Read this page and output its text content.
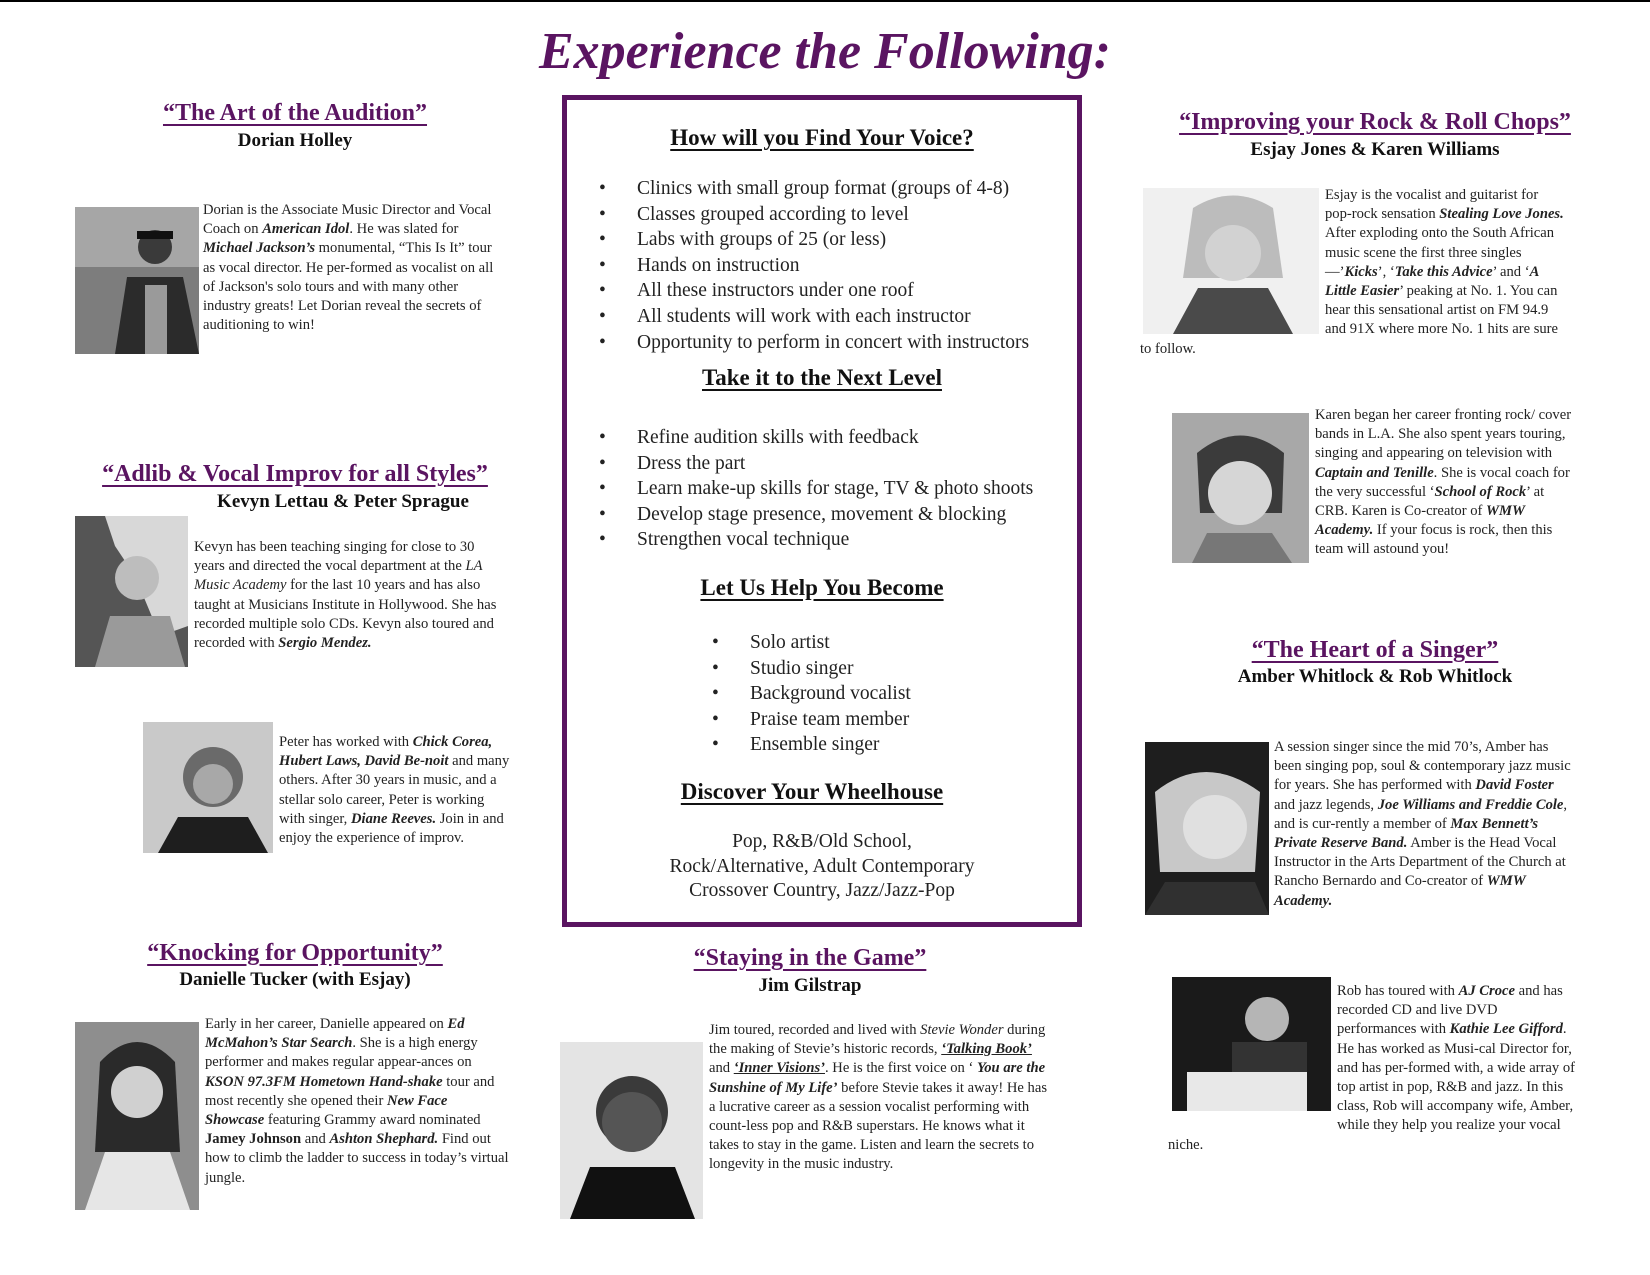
Experience the Following:
“The Art of the Audition”
Dorian Holley

Dorian is the Associate Music Director and Vocal Coach on American Idol. He was slated for Michael Jackson’s monumental, “This Is It” tour as vocal director. He per-formed as vocalist on all of Jackson's solo tours and with many other industry greats! Let Dorian reveal the secrets of auditioning to win!

“Adlib & Vocal Improv for all Styles”
Kevyn Lettau & Peter Sprague

Kevyn has been teaching singing for close to 30 years and directed the vocal department at the LA Music Academy for the last 10 years and has also taught at Musicians Institute in Hollywood. She has recorded multiple solo CDs. Kevyn also toured and recorded with Sergio Mendez.

Peter has worked with Chick Corea, Hubert Laws, David Be-noit and many others. After 30 years in music, and a stellar solo career, Peter is working with singer, Diane Reeves. Join in and enjoy the experience of improv.

“Knocking for Opportunity”
Danielle Tucker (with Esjay)

Early in her career, Danielle appeared on Ed McMahon’s Star Search. She is a high energy performer and makes regular appear-ances on KSON 97.3FM Hometown Hand-shake tour and most recently she opened their New Face Showcase featuring Grammy award nominated Jamey Johnson and Ashton Shephard. Find out how to climb the ladder to success in today’s virtual jungle.

How will you Find Your Voice?
• Clinics with small group format (groups of 4-8)
• Classes grouped according to level
• Labs with groups of 25 (or less)
• Hands on instruction
• All these instructors under one roof
• All students will work with each instructor
• Opportunity to perform in concert with instructors
Take it to the Next Level
• Refine audition skills with feedback
• Dress the part
• Learn make-up skills for stage, TV & photo shoots
• Develop stage presence, movement & blocking
• Strengthen vocal technique
Let Us Help You Become
• Solo artist
• Studio singer
• Background vocalist
• Praise team member
• Ensemble singer
Discover Your Wheelhouse

Pop, R&B/Old School,
Rock/Alternative, Adult Contemporary
Crossover Country, Jazz/Jazz-Pop

“Staying in the Game”
Jim Gilstrap

Jim toured, recorded and lived with Stevie Wonder during the making of Stevie’s historic records, ‘Talking Book’ and ‘Inner Visions’. He is the first voice on ‘ You are the Sunshine of My Life’ before Stevie takes it away! He has a lucrative career as a session vocalist performing with count-less pop and R&B superstars. He knows what it takes to stay in the game. Listen and learn the secrets to longevity in the music industry.

“Improving your Rock & Roll Chops”
Esjay Jones & Karen Williams

Esjay is the vocalist and guitarist for pop-rock sensation Stealing Love Jones. After exploding onto the South African music scene the first three singles—’Kicks’, ‘Take this Advice’ and ‘A Little Easier’ peaking at No. 1. You can hear this sensational artist on FM 94.9 and 91X where more No. 1 hits are sure to follow.

Karen began her career fronting rock/ cover bands in L.A. She also spent years touring, singing and appearing on television with Captain and Tenille. She is vocal coach for the very successful ‘School of Rock’ at CRB. Karen is Co-creator of WMW Academy. If your focus is rock, then this team will astound you!

“The Heart of a Singer”
Amber Whitlock & Rob Whitlock

A session singer since the mid 70’s, Amber has been singing pop, soul & contemporary jazz music for years. She has performed with David Foster and jazz legends, Joe Williams and Freddie Cole, and is cur-rently a member of Max Bennett’s Private Reserve Band. Amber is the Head Vocal Instructor in the Arts Department of the Church at Rancho Bernardo and Co-creator of WMW Academy.

Rob has toured with AJ Croce and has recorded CD and live DVD performances with Kathie Lee Gifford. He has worked as Musi-cal Director for, and has per-formed with, a wide array of top artist in pop, R&B and jazz. In this class, Rob will accompany wife, Amber, while they help you realize your vocal niche.
